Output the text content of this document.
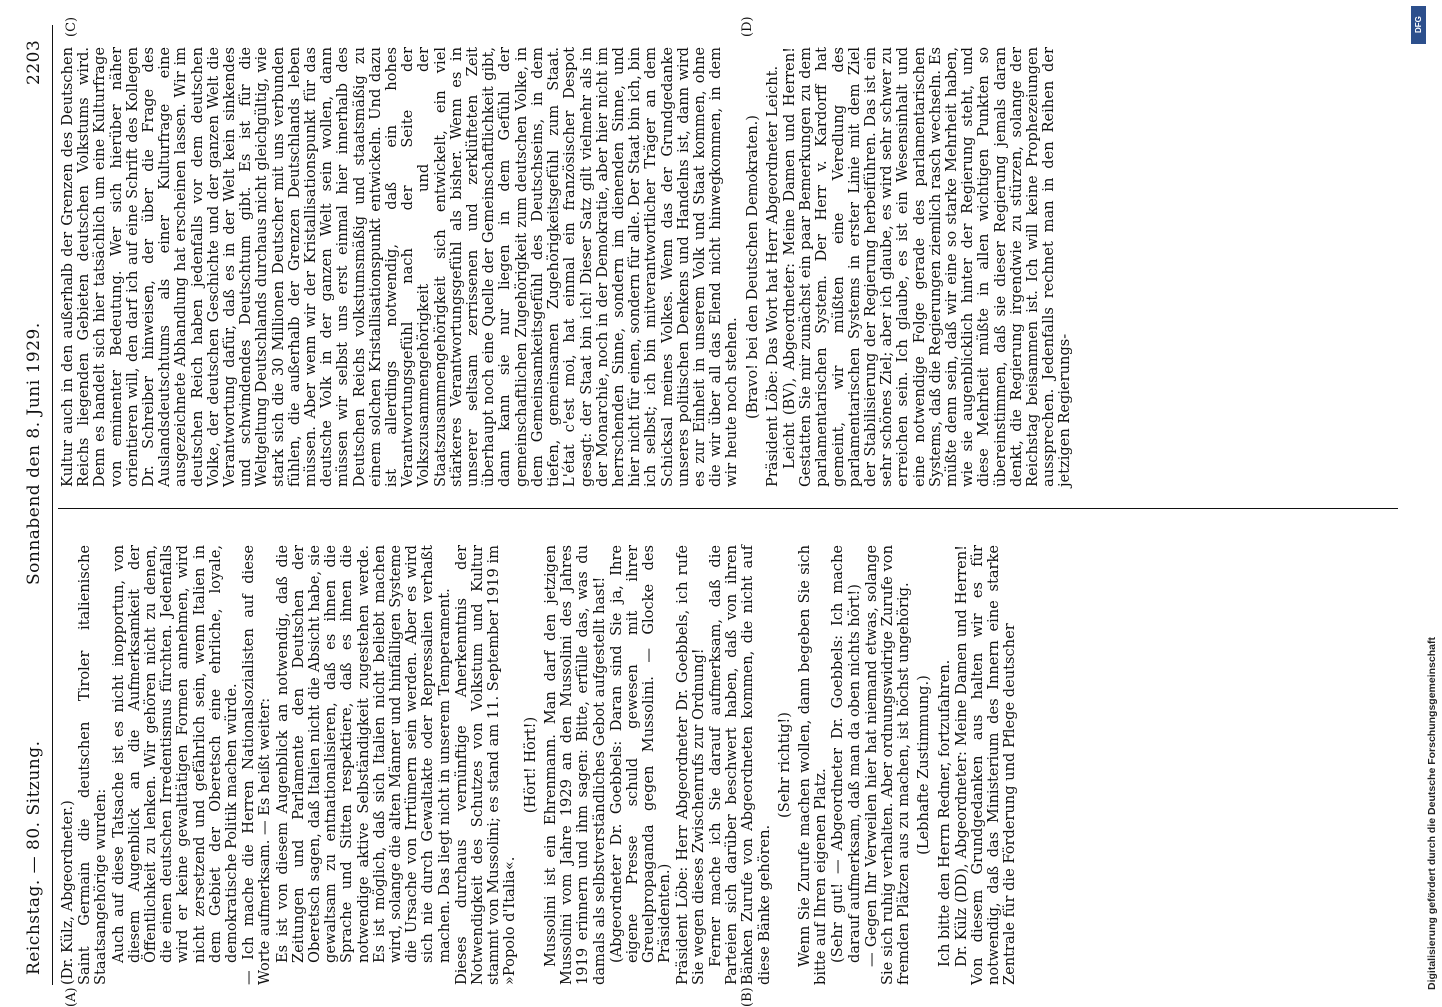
Reichstag. — 80. Sitzung.
Sonnabend den 8. Juni 1929.
2203
(A)	(B)
(C)	(D)

(Dr. Külz, Abgeordneter.) Saint Germain die deutschen Tiroler italienische Staatsangehörige wurden: Auch auf diese Tatsache ist es nicht inopportun, von diesem Augenblick an die Aufmerksamkeit der Öffentlichkeit zu lenken. Wir gehören nicht zu denen, die einen deutschen Irredentismus fürchten. Jedenfalls wird er keine gewalttätigen Formen annehmen, wird nicht zersetzend und gefährlich sein, wenn Italien in dem Gebiet der Oberetsch eine ehrliche, loyale, demokratische Politik machen würde. — Ich mache die Herren Nationalsozialisten auf diese Worte aufmerksam. — Es heißt weiter: Es ist von diesem Augenblick an notwendig, daß die Zeitungen und Parlamente den Deutschen der Oberetsch sagen, daß Italien nicht die Absicht habe, sie gewaltsam zu entnationalisieren, daß es ihnen die Sprache und Sitten respektiere, daß es ihnen die notwendige aktive Selbständigkeit zugestehen werde. Es ist möglich, daß sich Italien nicht beliebt machen wird, solange die alten Männer und hinfälligen Systeme die Ursache von Irrtümern sein werden. Aber es wird sich nie durch Gewaltakte oder Repressalien verhaßt machen. Das liegt nicht in unserem Temperament. Dieses durchaus vernünftige Anerkenntnis der Notwendigkeit des Schutzes von Volkstum und Kultur stammt von Mussolini; es stand am 11. September 1919 im »Popolo d'Italia«.

(Hört! Hört!) Mussolini ist ein Ehrenmann. Man darf den jetzigen Mussolini vom Jahre 1929 an den Mussolini des Jahres 1919 erinnern und ihm sagen: Bitte, erfülle das, was du damals als selbstverständliches Gebot aufgestellt hast! (Abgeordneter Dr. Goebbels: Daran sind Sie ja, Ihre eigene Presse schuld gewesen mit ihrer Greuelpropaganda gegen Mussolini. — Glocke des Präsidenten.) Präsident Löbe: Herr Abgeordneter Dr. Goebbels, ich rufe Sie wegen dieses Zwischenrufs zur Ordnung! Ferner mache ich Sie darauf aufmerksam, daß die Parteien sich darüber beschwert haben, daß von ihren Bänken Zurufe von Abgeordneten kommen, die nicht auf diese Bänke gehören.

(Sehr richtig!) Wenn Sie Zurufe machen wollen, dann begeben Sie sich bitte auf Ihren eigenen Platz. (Sehr gut! — Abgeordneter Dr. Goebbels: Ich mache darauf aufmerksam, daß man da oben nichts hört!) — Gegen Ihr Verweilen hier hat niemand etwas, solange Sie sich ruhig verhalten. Aber ordnungswidrige Zurufe von fremden Plätzen aus zu machen, ist höchst ungehörig. (Lebhafte Zustimmung.) Ich bitte den Herrn Redner, fortzufahren. Dr. Külz (DD), Abgeordneter: Meine Damen und Herren! Von diesem Grundgedanken aus halten wir es für notwendig, daß das Ministerium des Innern eine starke Zentrale für die Förderung und Pflege deutscher

Kultur auch in den außerhalb der Grenzen des Deutschen Reichs liegenden Gebieten deutschen Volkstums wird. Denn es handelt sich hier tatsächlich um eine Kulturfrage von eminenter Bedeutung. Wer sich hierüber näher orientieren will, den darf ich auf eine Schrift des Kollegen Dr. Schreiber hinweisen, der über die Frage des Auslandsdeutschtums als einer Kulturfrage eine ausgezeichnete Abhandlung hat erscheinen lassen. Wir im deutschen Reich haben jedenfalls vor dem deutschen Volke, der deutschen Geschichte und der ganzen Welt die Verantwortung dafür, daß es in der Welt kein sinkendes und schwindendes Deutschtum gibt. Es ist für die Weltgeltung Deutschlands durchaus nicht gleichgültig, wie stark sich die 30 Millionen Deutscher mit uns verbunden fühlen, die außerhalb der Grenzen Deutschlands leben müssen. Aber wenn wir der Kristallisationspunkt für das deutsche Volk in der ganzen Welt sein wollen, dann müssen wir selbst uns erst einmal hier innerhalb des Deutschen Reichs volkstumsmäßig und staatsmäßig zu einem solchen Kristallisationspunkt entwickeln. Und dazu ist allerdings notwendig, daß ein hohes Verantwortungsgefühl nach der Seite der Volkszusammengehörigkeit und der Staatszusammengehörigkeit sich entwickelt, ein viel stärkeres Verantwortungsgefühl als bisher. Wenn es in unserer seltsam zerrissenen und zerklüfteten Zeit überhaupt noch eine Quelle der Gemeinschaftlichkeit gibt, dann kann sie nur liegen in dem Gefühl der gemeinschaftlichen Zugehörigkeit zum deutschen Volke, in dem Gemeinsamkeitsgefühl des Deutschseins, in dem tiefen, gemeinsamen Zugehörigkeitsgefühl zum Staat. L'état c'est moi, hat einmal ein französischer Despot gesagt: der Staat bin ich! Dieser Satz gilt vielmehr als in der Monarchie, noch in der Demokratie, aber hier nicht im herrschenden Sinne, sondern im dienenden Sinne, und hier nicht für einen, sondern für alle. Der Staat bin ich, bin ich selbst; ich bin mitverantwortlicher Träger an dem Schicksal meines Volkes. Wenn das der Grundgedanke unseres politischen Denkens und Handelns ist, dann wird es zur Einheit in unserem Volk und Staat kommen, ohne die wir über all das Elend nicht hinwegkommen, in dem wir heute noch stehen. (Bravo! bei den Deutschen Demokraten.) Präsident Löbe: Das Wort hat Herr Abgeordneter Leicht. Leicht (BV), Abgeordneter: Meine Damen und Herren! Gestatten Sie mir zunächst ein paar Bemerkungen zu dem parlamentarischen System. Der Herr v. Kardorff hat gemeint, wir müßten eine Veredlung des parlamentarischen Systems in erster Linie mit dem Ziel der Stabilisierung der Regierung herbeiführen. Das ist ein sehr schönes Ziel; aber ich glaube, es wird sehr schwer zu erreichen sein. Ich glaube, es ist ein Wesensinhalt und eine notwendige Folge gerade des parlamentarischen Systems, daß die Regierungen ziemlich rasch wechseln. Es müßte denn sein, daß wir eine so starke Mehrheit haben, wie sie augenblicklich hinter der Regierung steht, und diese Mehrheit müßte in allen wichtigen Punkten so übereinstimmen, daß sie dieser Regierung jemals daran denkt, die Regierung irgendwie zu stürzen, solange der Reichstag beisammen ist. Ich will keine Prophezeiungen aussprechen. Jedenfalls rechnet man in den Reihen der jetzigen Regierungs-

DFG
Digitalisierung gefördert durch die Deutsche Forschungsgemeinschaft
